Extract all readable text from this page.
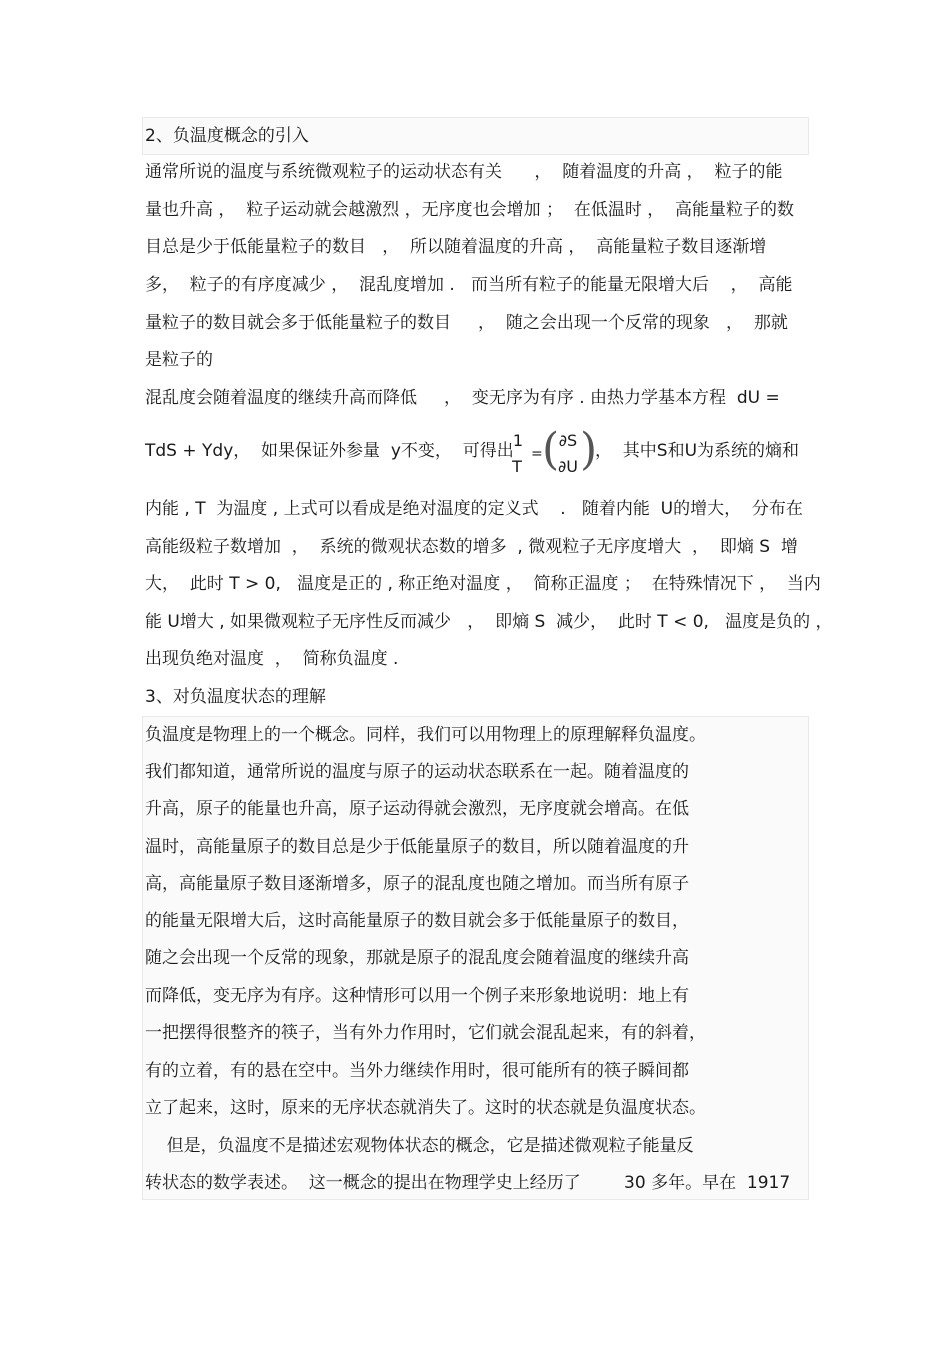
2、负温度概念的引入
通常所说的温度与系统微观粒子的运动状态有关      ，  随着温度的升高 ，  粒子的能
量也升高 ，  粒子运动就会越激烈 ，无序度也会增加 ；  在低温时 ，  高能量粒子的数
目总是少于低能量粒子的数目   ，  所以随着温度的升高 ，  高能量粒子数目逐渐增
多，  粒子的有序度减少 ，  混乱度增加 .   而当所有粒子的能量无限增大后    ，  高能
量粒子的数目就会多于低能量粒子的数目     ，  随之会出现一个反常的现象   ，  那就
是粒子的
混乱度会随着温度的继续升高而降低     ，  变无序为有序 . 由热力学基本方程  dU =
TdS + Ydy，  如果保证外参量  y不变，  可得出
1
T
= ( ∂S
∂U )
，  其中S和U为系统的熵和
内能 , T  为温度 , 上式可以看成是绝对温度的定义式    .   随着内能  U的增大，  分布在
高能级粒子数增加  ，  系统的微观状态数的增多  , 微观粒子无序度增大  ，  即熵 S  增
大，  此时 T > 0,   温度是正的 , 称正绝对温度 ，  简称正温度 ；  在特殊情况下 ，  当内
能 U增大 , 如果微观粒子无序性反而减少   ，  即熵 S  减少，  此时 T < 0,   温度是负的 ，
出现负绝对温度  ，  简称负温度 .
3、对负温度状态的理解
负温度是物理上的一个概念。同样，我们可以用物理上的原理解释负温度。
我们都知道，通常所说的温度与原子的运动状态联系在一起。随着温度的
升高，原子的能量也升高，原子运动得就会激烈，无序度就会增高。在低
温时，高能量原子的数目总是少于低能量原子的数目，所以随着温度的升
高，高能量原子数目逐渐增多，原子的混乱度也随之增加。而当所有原子
的能量无限增大后，这时高能量原子的数目就会多于低能量原子的数目，
随之会出现一个反常的现象，那就是原子的混乱度会随着温度的继续升高
而降低，变无序为有序。这种情形可以用一个例子来形象地说明：地上有
一把摆得很整齐的筷子，当有外力作用时，它们就会混乱起来，有的斜着，
有的立着，有的悬在空中。当外力继续作用时，很可能所有的筷子瞬间都
立了起来，这时，原来的无序状态就消失了。这时的状态就是负温度状态。
但是，负温度不是描述宏观物体状态的概念，它是描述微观粒子能量反
转状态的数学表述。  这一概念的提出在物理学史上经历了        30 多年。早在  1917
